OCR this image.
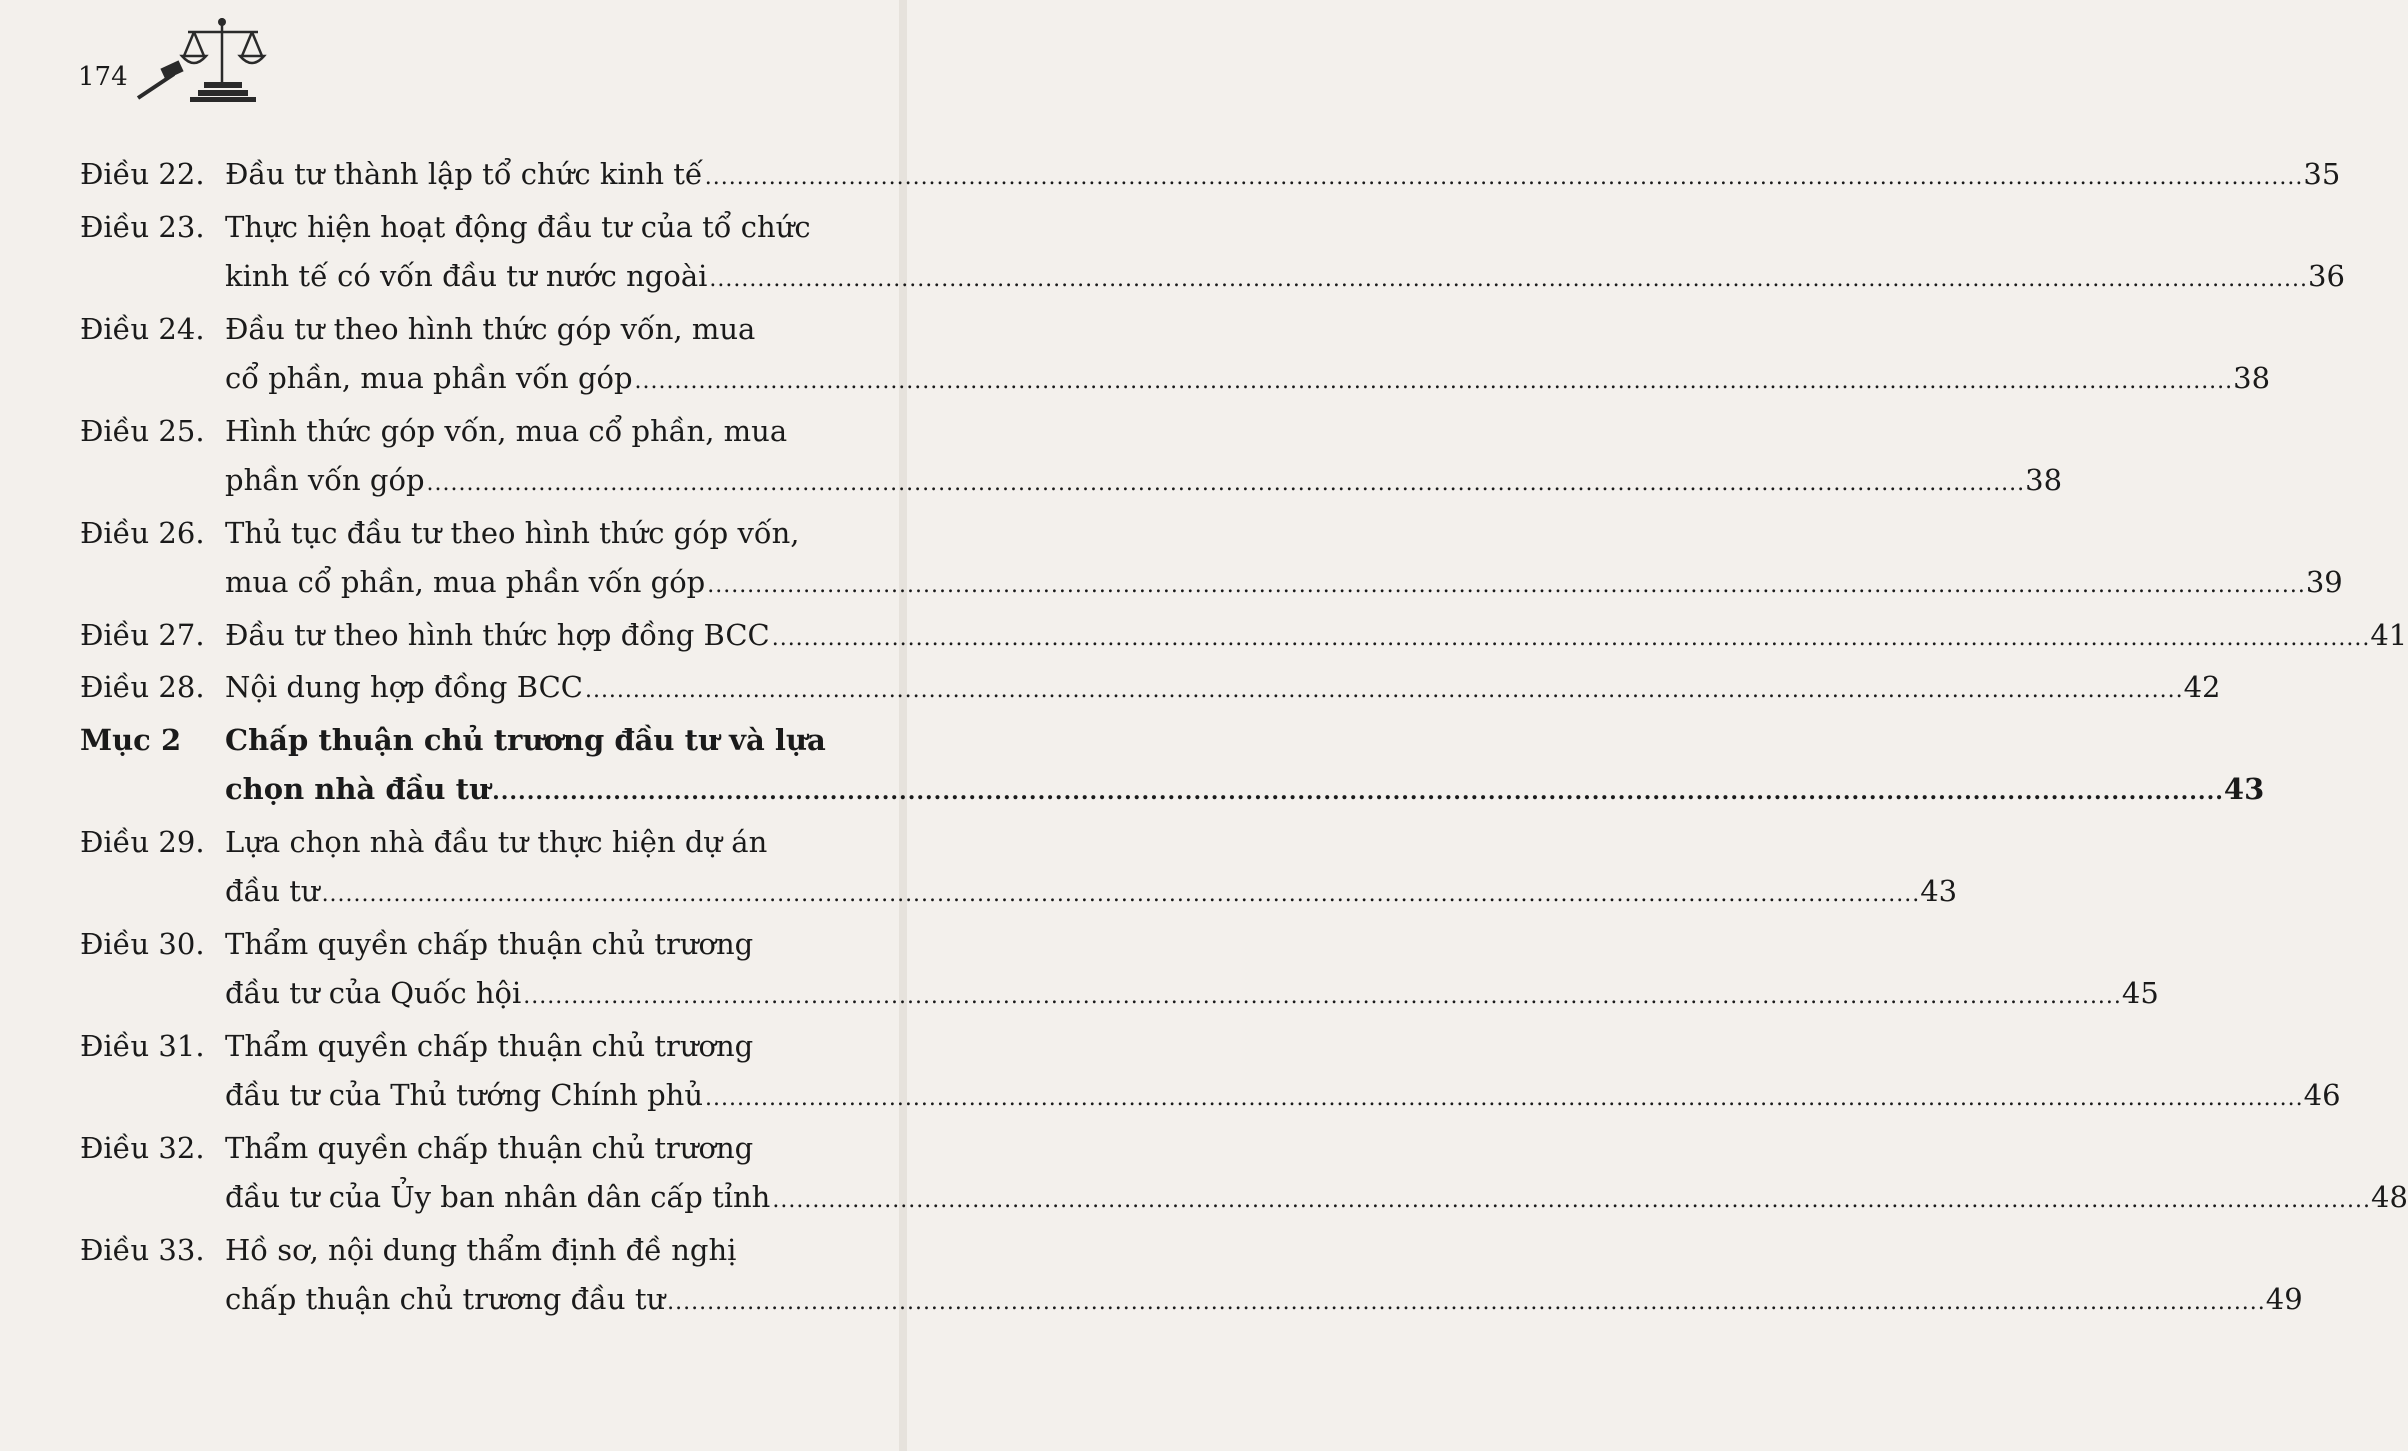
174
Điều 22. Đầu tư thành lập tổ chức kinh tế ........................................................................................................................................................................................................ 35
Điều 23. Thực hiện hoạt động đầu tư của tổ chức
kinh tế có vốn đầu tư nước ngoài ........................................................................................................................................................................................................ 36
Điều 24. Đầu tư theo hình thức góp vốn, mua
cổ phần, mua phần vốn góp ........................................................................................................................................................................................................ 38
Điều 25. Hình thức góp vốn, mua cổ phần, mua
phần vốn góp ........................................................................................................................................................................................................ 38
Điều 26. Thủ tục đầu tư theo hình thức góp vốn,
mua cổ phần, mua phần vốn góp ........................................................................................................................................................................................................ 39
Điều 27. Đầu tư theo hình thức hợp đồng BCC ........................................................................................................................................................................................................ 41
Điều 28. Nội dung hợp đồng BCC ........................................................................................................................................................................................................ 42
Mục 2	Chấp thuận chủ trương đầu tư và lựa
chọn nhà đầu tư ........................................................................................................................................................................................................ 43
Điều 29. Lựa chọn nhà đầu tư thực hiện dự án
đầu tư ........................................................................................................................................................................................................ 43
Điều 30. Thẩm quyền chấp thuận chủ trương
đầu tư của Quốc hội ........................................................................................................................................................................................................ 45
Điều 31. Thẩm quyền chấp thuận chủ trương
đầu tư của Thủ tướng Chính phủ ........................................................................................................................................................................................................ 46
Điều 32. Thẩm quyền chấp thuận chủ trương
đầu tư của Ủy ban nhân dân cấp tỉnh ........................................................................................................................................................................................................ 48
Điều 33. Hồ sơ, nội dung thẩm định đề nghị
chấp thuận chủ trương đầu tư ........................................................................................................................................................................................................ 49
